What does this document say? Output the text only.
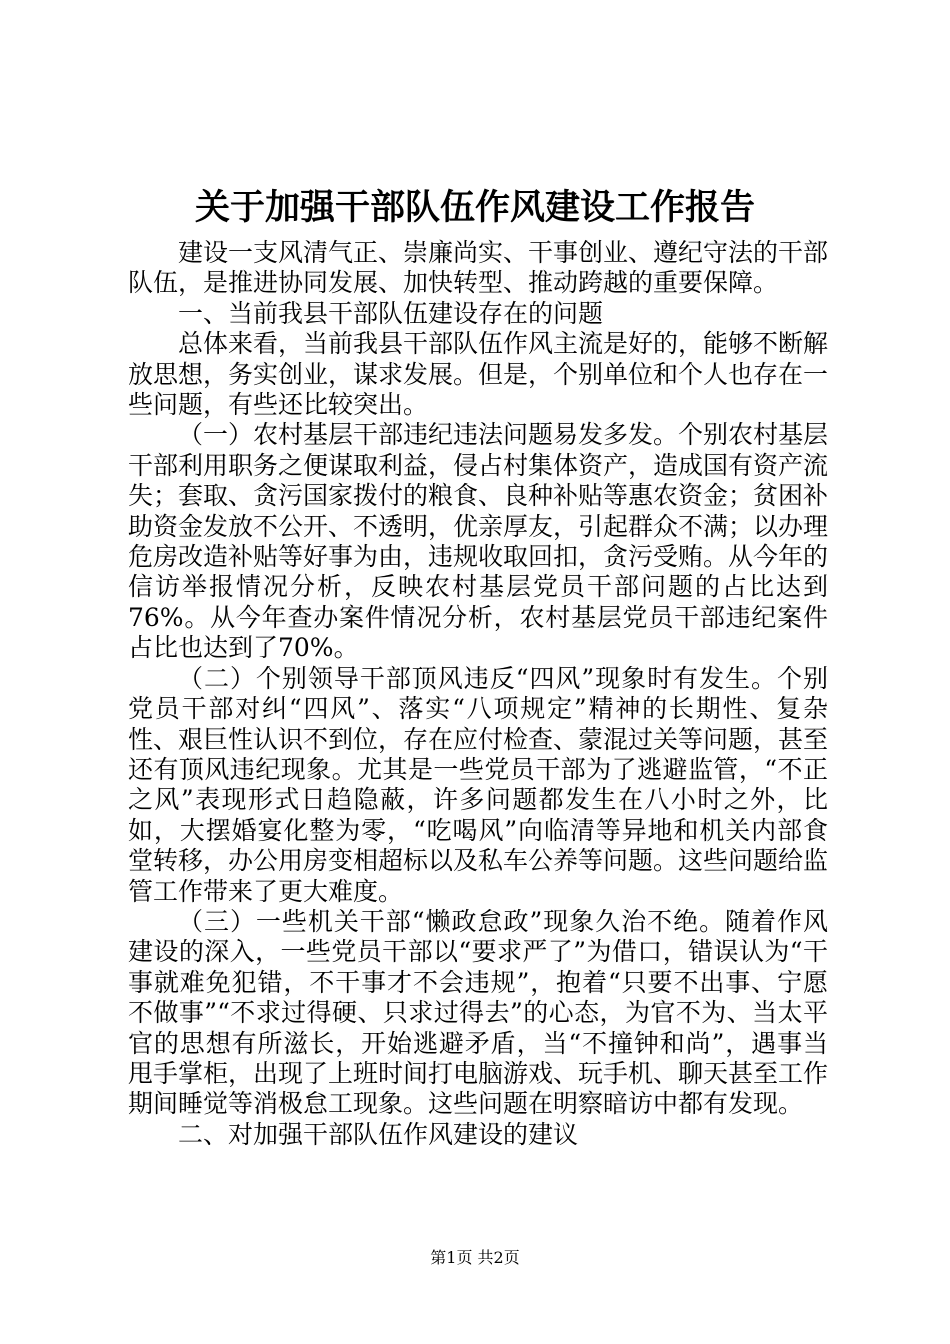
关于加强干部队伍作风建设工作报告

建设一支风清气正、崇廉尚实、干事创业、遵纪守法的干部队伍，是推进协同发展、加快转型、推动跨越的重要保障。

一、当前我县干部队伍建设存在的问题

总体来看，当前我县干部队伍作风主流是好的，能够不断解放思想，务实创业，谋求发展。但是，个别单位和个人也存在一些问题，有些还比较突出。

（一）农村基层干部违纪违法问题易发多发。个别农村基层干部利用职务之便谋取利益，侵占村集体资产，造成国有资产流失；套取、贪污国家拨付的粮食、良种补贴等惠农资金；贫困补助资金发放不公开、不透明，优亲厚友，引起群众不满；以办理危房改造补贴等好事为由，违规收取回扣，贪污受贿。从今年的信访举报情况分析，反映农村基层党员干部问题的占比达到76%。从今年查办案件情况分析，农村基层党员干部违纪案件占比也达到了70%。

（二）个别领导干部顶风违反“四风”现象时有发生。个别党员干部对纠“四风”、落实“八项规定”精神的长期性、复杂性、艰巨性认识不到位，存在应付检查、蒙混过关等问题，甚至还有顶风违纪现象。尤其是一些党员干部为了逃避监管，“不正之风”表现形式日趋隐蔽，许多问题都发生在八小时之外，比如，大摆婚宴化整为零，“吃喝风”向临清等异地和机关内部食堂转移，办公用房变相超标以及私车公养等问题。这些问题给监管工作带来了更大难度。

（三）一些机关干部“懒政怠政”现象久治不绝。随着作风建设的深入，一些党员干部以“要求严了”为借口，错误认为“干事就难免犯错，不干事才不会违规”，抱着“只要不出事、宁愿不做事”“不求过得硬、只求过得去”的心态，为官不为、当太平官的思想有所滋长，开始逃避矛盾，当“不撞钟和尚”，遇事当甩手掌柜，出现了上班时间打电脑游戏、玩手机、聊天甚至工作期间睡觉等消极怠工现象。这些问题在明察暗访中都有发现。

二、对加强干部队伍作风建设的建议

第1页 共2页
